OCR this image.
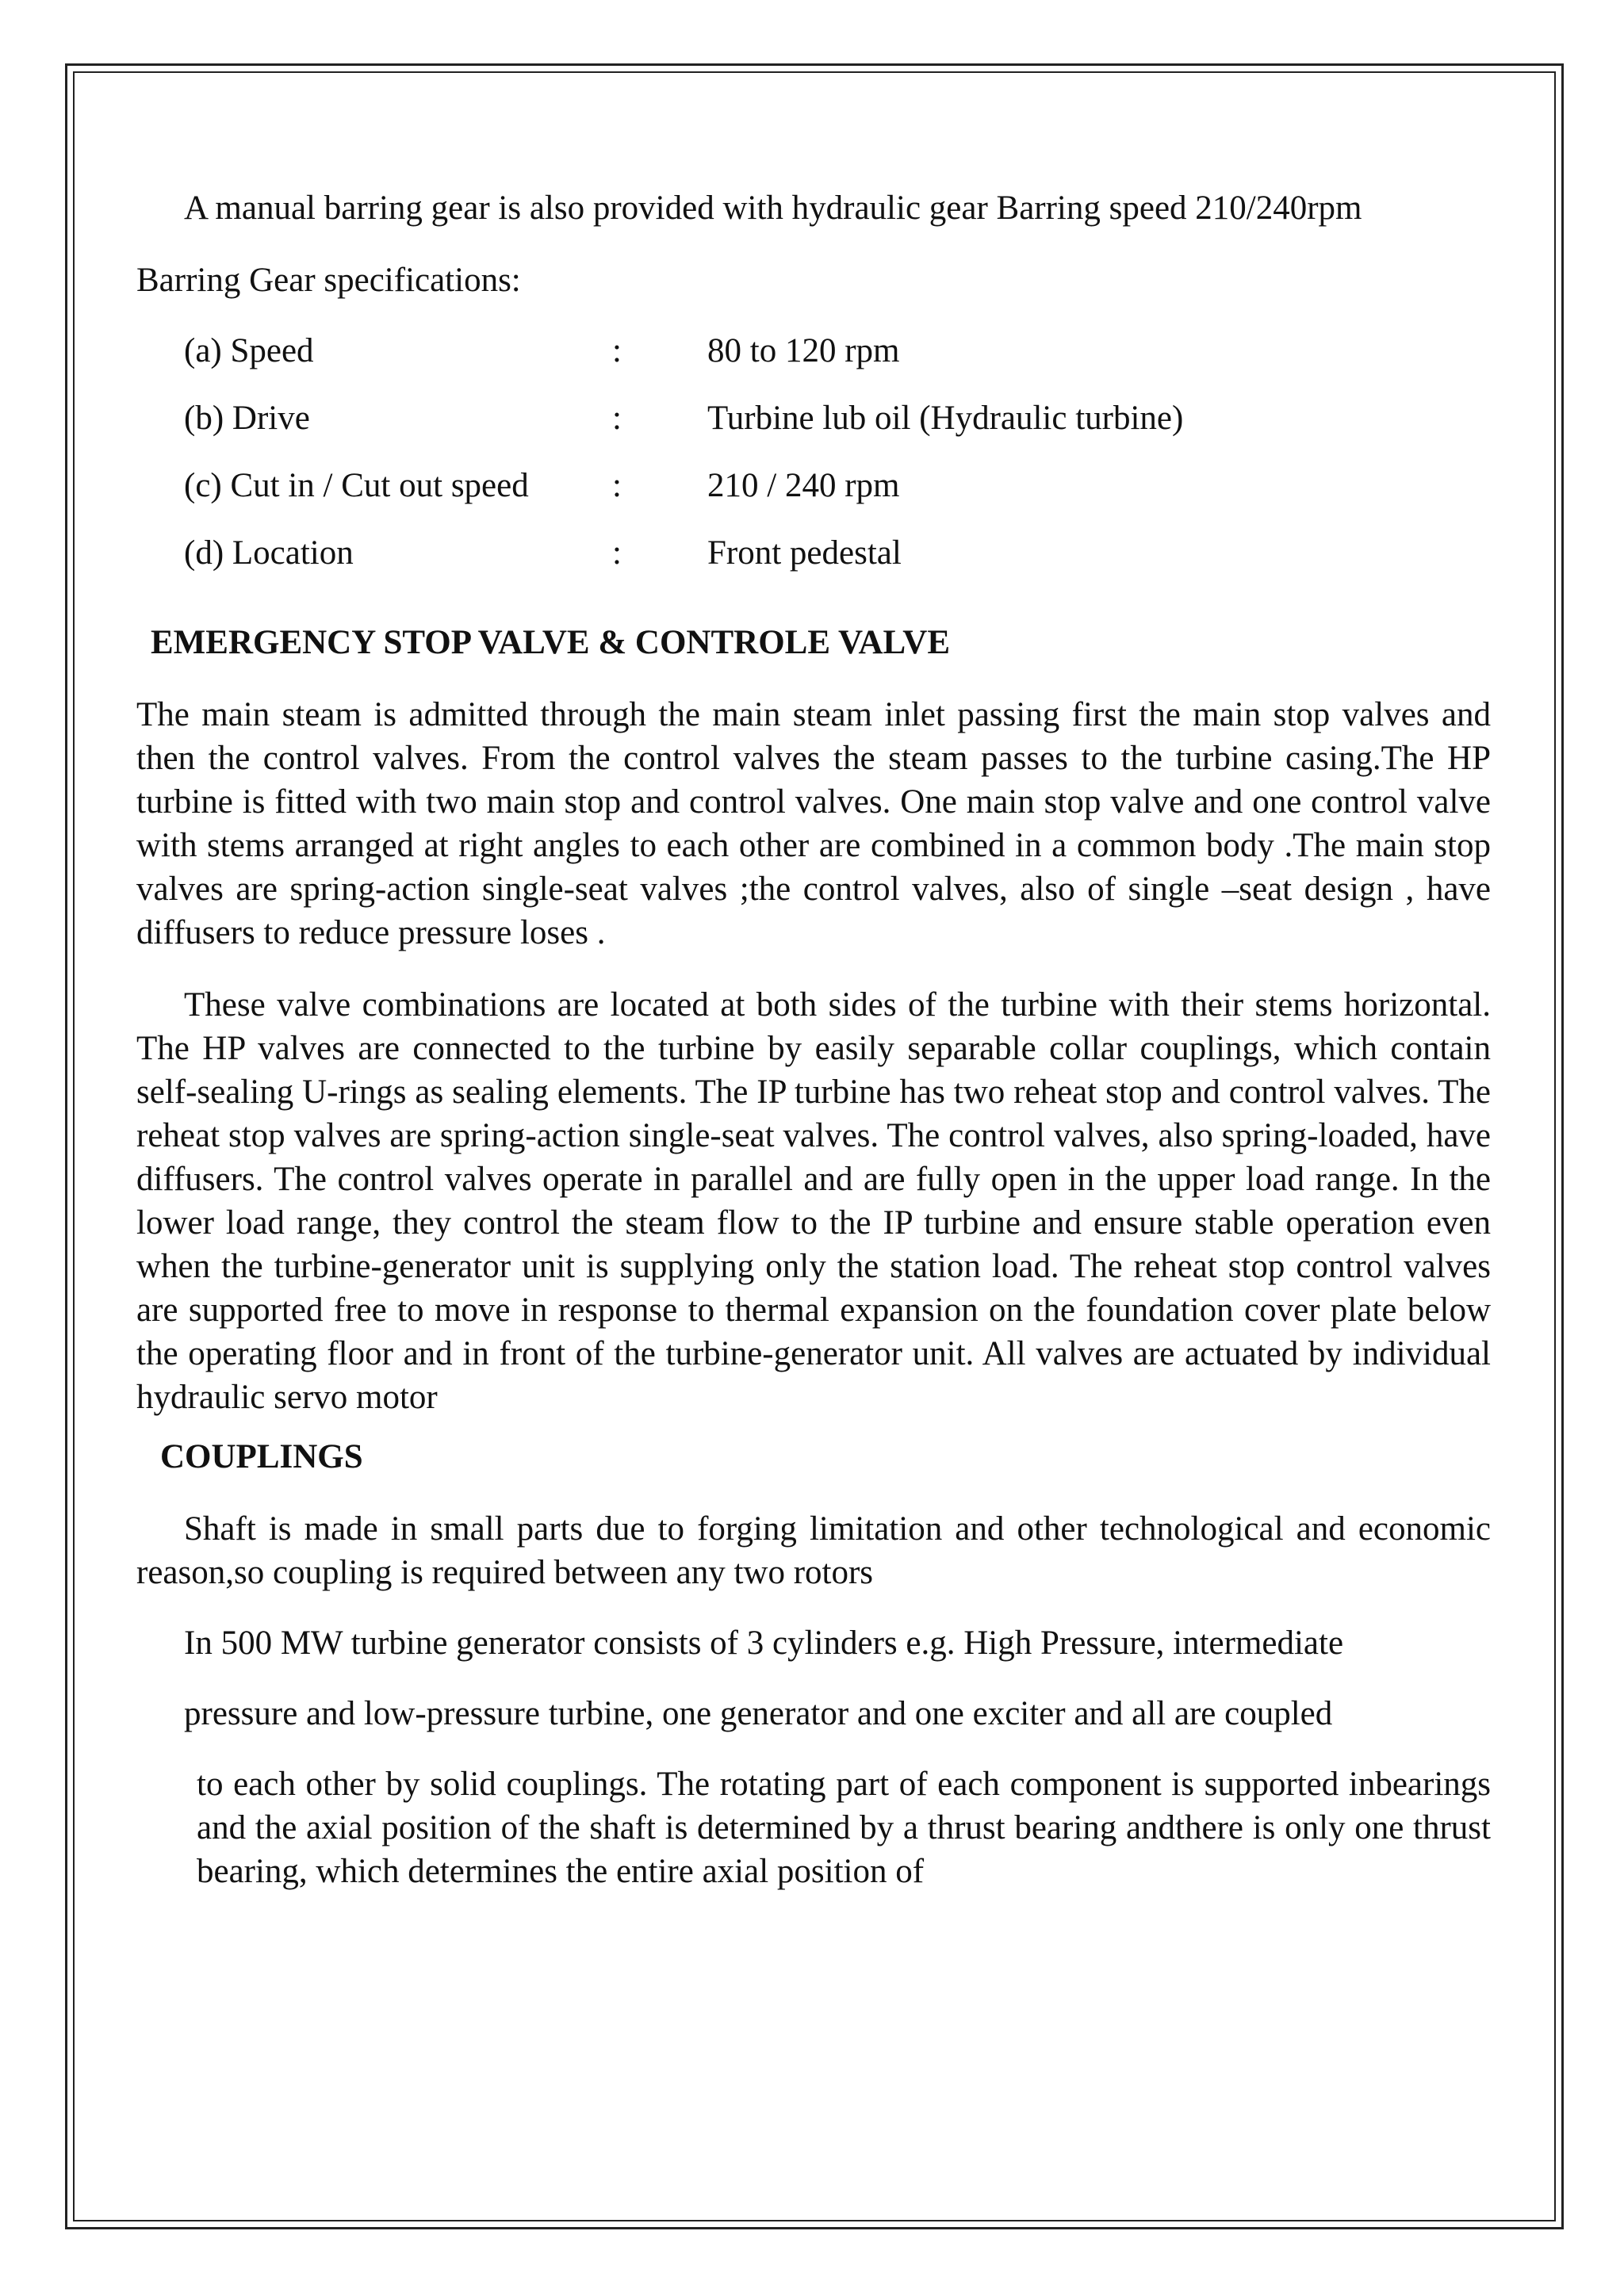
A manual barring gear is also provided with hydraulic gear Barring speed 210/240rpm

Barring Gear specifications:

(a) Speed	:	80 to 120 rpm
(b) Drive	:	Turbine lub oil (Hydraulic turbine)
(c) Cut in / Cut out speed	:	210 / 240 rpm
(d) Location	:	Front pedestal
EMERGENCY STOP VALVE & CONTROLE VALVE

The main steam is admitted through the main steam inlet passing first the main stop valves and then the control valves. From the control valves the steam passes to the turbine casing.The HP turbine is fitted with two main stop and control valves. One main stop valve and one control valve with stems arranged at right angles to each other are combined in a common body .The main stop valves are spring-action single-seat valves ;the control valves, also of single –seat design , have diffusers to reduce pressure loses .

These valve combinations are located at both sides of the turbine with their stems horizontal. The HP valves are connected to the turbine by easily separable collar couplings, which contain self-sealing U-rings as sealing elements. The IP turbine has two reheat stop and control valves. The reheat stop valves are spring-action single-seat valves. The control valves, also spring-loaded, have diffusers. The control valves operate in parallel and are fully open in the upper load range. In the lower load range, they control the steam flow to the IP turbine and ensure stable operation even when the turbine-generator unit is supplying only the station load. The reheat stop control valves are supported free to move in response to thermal expansion on the foundation cover plate below the operating floor and in front of the turbine-generator unit. All valves are actuated by individual hydraulic servo motor

COUPLINGS

Shaft is made in small parts due to forging limitation and other technological and economic reason,so coupling is required between any two rotors

In 500 MW turbine generator consists of 3 cylinders e.g. High Pressure, intermediate

pressure and low-pressure turbine, one generator and one exciter and all are coupled

to each other by solid couplings. The rotating part of each component is supported inbearings and the axial position of the shaft is determined by a thrust bearing andthere is only one thrust bearing, which determines the entire axial position of
